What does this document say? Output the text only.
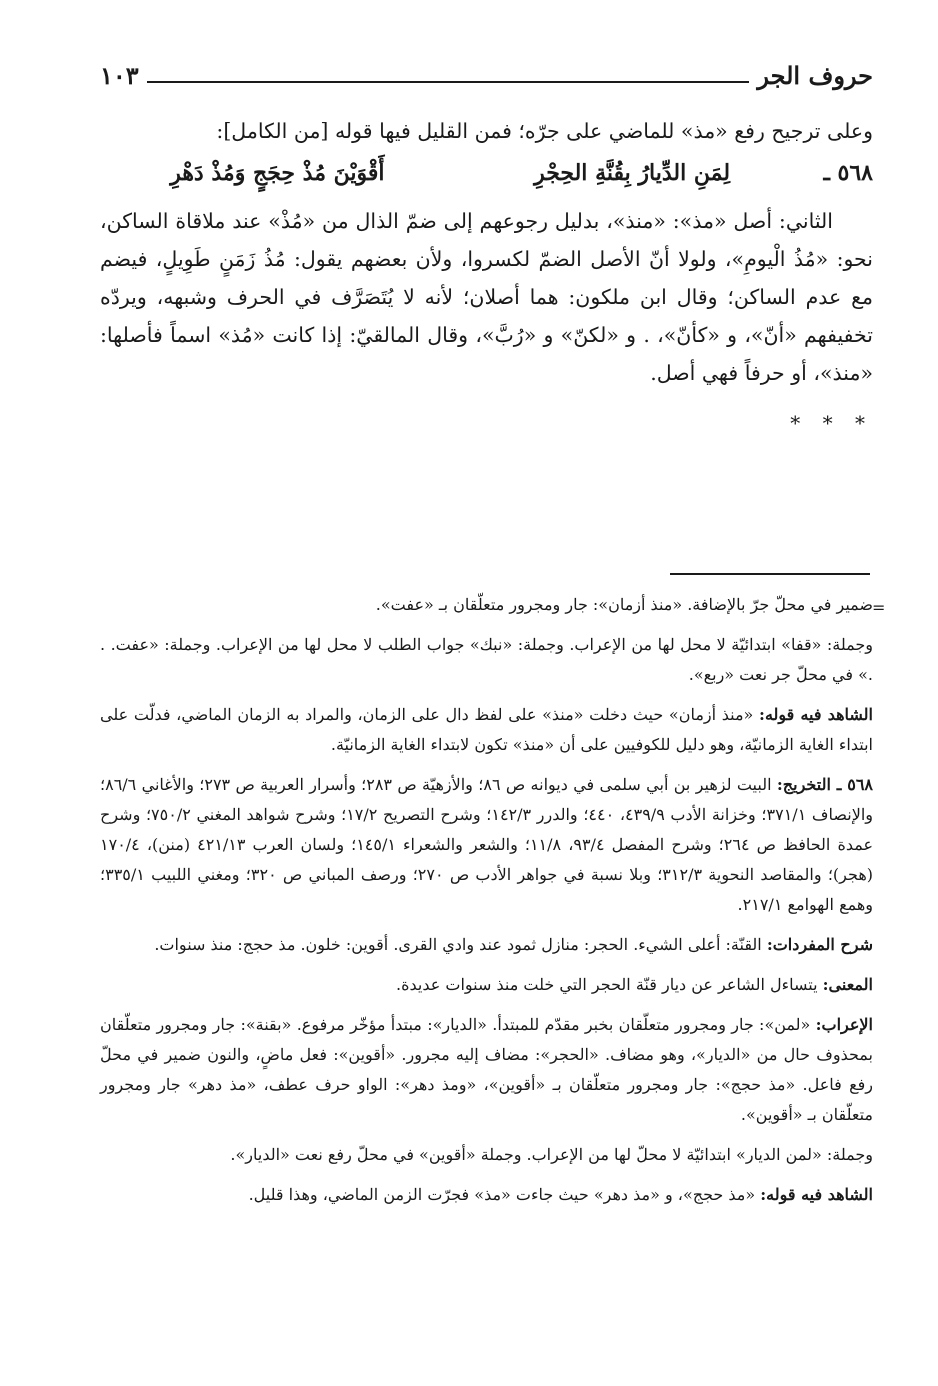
حروف الجر
١٠٣

وعلى ترجيح رفع «مذ» للماضي على جرّه؛ فمن القليل فيها قوله [من الكامل]:

٥٦٨ ـ
لِمَنِ الدِّيارُ بِقُنَّةِ الحِجْرِ
أَقْوَيْنَ مُذْ حِجَجٍ وَمُذْ دَهْرِ

الثاني: أصل «مذ»: «منذ»، بدليل رجوعهم إلى ضمّ الذال من «مُذْ» عند ملاقاة الساكن، نحو: «مُذُ الْيومِ»، ولولا أنّ الأصل الضمّ لكسروا، ولأن بعضهم يقول: مُذُ زَمَنٍ طَوِيلٍ، فيضم مع عدم الساكن؛ وقال ابن ملكون: هما أصلان؛ لأنه لا يُتَصَرَّف في الحرف وشبهه، ويردّه تخفيفهم «أنّ»، و «كأنّ»، . و «لكنّ» و «رُبَّ»، وقال المالقيّ: إذا كانت «مُذ» اسماً فأصلها: «منذ»، أو حرفاً فهي أصل.

* * *

=

ضمير في محلّ جرّ بالإضافة. «منذ أزمان»: جار ومجرور متعلّقان بـ «عفت».

وجملة: «قفا» ابتدائيّة لا محل لها من الإعراب. وجملة: «نبك» جواب الطلب لا محل لها من الإعراب. وجملة: «عفت. . .» في محلّ جر نعت «ربع».

الشاهد فيه قوله: «منذ أزمان» حيث دخلت «منذ» على لفظ دال على الزمان، والمراد به الزمان الماضي، فدلّت على ابتداء الغاية الزمانيّة، وهو دليل للكوفيين على أن «منذ» تكون لابتداء الغاية الزمانيّة.

٥٦٨ ـ التخريج: البيت لزهير بن أبي سلمى في ديوانه ص ٨٦؛ والأزهيّة ص ٢٨٣؛ وأسرار العربية ص ٢٧٣؛ والأغاني ٨٦/٦؛ والإنصاف ٣٧١/١؛ وخزانة الأدب ٤٣٩/٩، ٤٤٠؛ والدرر ١٤٢/٣؛ وشرح التصريح ١٧/٢؛ وشرح شواهد المغني ٧٥٠/٢؛ وشرح عمدة الحافظ ص ٢٦٤؛ وشرح المفصل ٩٣/٤، ١١/٨؛ والشعر والشعراء ١٤٥/١؛ ولسان العرب ٤٢١/١٣ (منن)، ١٧٠/٤ (هجر)؛ والمقاصد النحوية ٣١٢/٣؛ وبلا نسبة في جواهر الأدب ص ٢٧٠؛ ورصف المباني ص ٣٢٠؛ ومغني اللبيب ٣٣٥/١؛ وهمع الهوامع ٢١٧/١.

شرح المفردات: القنّة: أعلى الشيء. الحجر: منازل ثمود عند وادي القرى. أقوين: خلون. مذ حجج: منذ سنوات.

المعنى: يتساءل الشاعر عن ديار قنّة الحجر التي خلت منذ سنوات عديدة.

الإعراب: «لمن»: جار ومجرور متعلّقان بخبر مقدّم للمبتدأ. «الديار»: مبتدأ مؤخّر مرفوع. «بقنة»: جار ومجرور متعلّقان بمحذوف حال من «الديار»، وهو مضاف. «الحجر»: مضاف إليه مجرور. «أقوين»: فعل ماضٍ، والنون ضمير في محلّ رفع فاعل. «مذ حجج»: جار ومجرور متعلّقان بـ «أقوين»، «ومذ دهر»: الواو حرف عطف، «مذ دهر» جار ومجرور متعلّقان بـ «أقوين».

وجملة: «لمن الديار» ابتدائيّة لا محلّ لها من الإعراب. وجملة «أقوين» في محلّ رفع نعت «الديار».

الشاهد فيه قوله: «مذ حجج»، و «مذ دهر» حيث جاءت «مذ» فجرّت الزمن الماضي، وهذا قليل.
